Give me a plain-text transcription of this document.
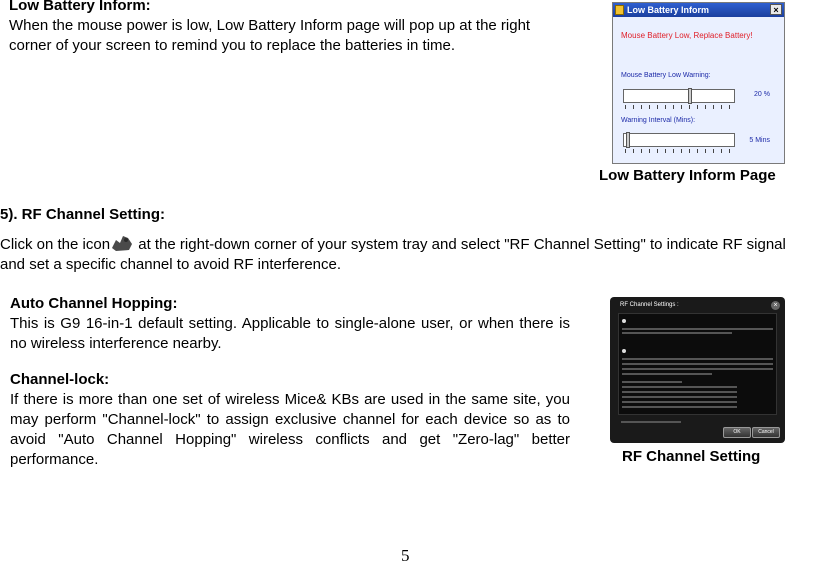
Low Battery Inform:
When the mouse power is low, Low Battery Inform page will pop up at the right corner of your screen to remind you to replace the batteries in time.
Low Battery Inform	×
Mouse Battery Low, Replace Battery!
Mouse Battery Low Warning:
20 %
Warning Interval (Mins):
5 Mins
Low Battery Inform Page
5). RF Channel Setting:
Click on the icon at the right-down corner of your system tray and select "RF Channel Setting" to indicate RF signal and set a specific channel to avoid RF interference.
Auto Channel Hopping:
This is G9 16-in-1 default setting. Applicable to single-alone user, or when there is no wireless interference nearby.
Channel-lock:
If there is more than one set of wireless Mice& KBs are used in the same site, you may perform "Channel-lock" to assign exclusive channel for each device so as to avoid "Auto Channel Hopping" wireless conflicts and get "Zero-lag" better performance.
RF Channel Settings :	×
OK	Cancel
RF Channel Setting
5
